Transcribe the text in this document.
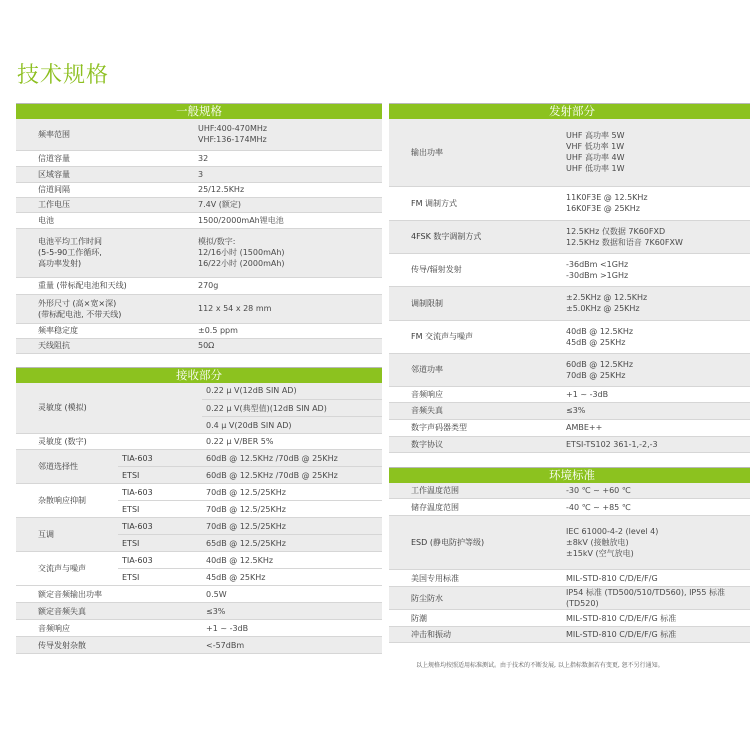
技术规格
一般规格
频率范围	UHF:400-470MHz
VHF:136-174MHz

信道容量	32

区域容量	3

信道间隔	25/12.5KHz

工作电压	7.4V (额定)

电池	1500/2000mAh锂电池

电池平均工作时间
(5-5-90工作循环,
高功率发射)	模拟/数字:
12/16小时 (1500mAh)
16/22小时 (2000mAh)

重量 (带标配电池和天线)	270g

外形尺寸 (高×宽×深)
(带标配电池, 不带天线)	112 x 54 x 28 mm

频率稳定度	±0.5 ppm

天线阻抗	50Ω
接收部分
灵敏度 (模拟)		0.22 μ V(12dB SIN AD)
		0.22 μ V(典型值)(12dB SIN AD)
		0.4 μ V(20dB SIN AD)
灵敏度 (数字)		0.22 μ V/BER 5%
邻道选择性	TIA-603	60dB @ 12.5KHz /70dB @ 25KHz
	ETSI	60dB @ 12.5KHz /70dB @ 25KHz
杂散响应抑制	TIA-603	70dB @ 12.5/25KHz
	ETSI	70dB @ 12.5/25KHz
互调	TIA-603	70dB @ 12.5/25KHz
	ETSI	65dB @ 12.5/25KHz
交流声与噪声	TIA-603	40dB @ 12.5KHz
	ETSI	45dB @ 25KHz
额定音频输出功率		0.5W
额定音频失真		≤3%
音频响应		+1 ~ -3dB
传导发射杂散		<-57dBm
发射部分
输出功率	UHF 高功率 5W
VHF 低功率 1W
UHF 高功率 4W
UHF 低功率 1W

FM 调制方式	11K0F3E @ 12.5KHz
16K0F3E @ 25KHz

4FSK 数字调制方式	12.5KHz 仅数据 7K60FXD
12.5KHz 数据和语音 7K60FXW

传导/辐射发射	-36dBm <1GHz
-30dBm >1GHz

调制限制	±2.5KHz @ 12.5KHz
±5.0KHz @ 25KHz

FM 交流声与噪声	40dB @ 12.5KHz
45dB @ 25KHz

邻道功率	60dB @ 12.5KHz
70dB @ 25KHz

音频响应	+1 ~ -3dB

音频失真	≤3%

数字声码器类型	AMBE++

数字协议	ETSI-TS102 361-1,-2,-3
环境标准
工作温度范围	-30 ℃ ~ +60 ℃

储存温度范围	-40 ℃ ~ +85 ℃

ESD (静电防护等级)	IEC 61000-4-2 (level 4)
±8kV (接触放电)
±15kV (空气放电)

美国专用标准	MIL-STD-810 C/D/E/F/G

防尘防水	IP54 标准 (TD500/510/TD560), IP55 标准 (TD520)

防潮	MIL-STD-810 C/D/E/F/G 标准

冲击和振动	MIL-STD-810 C/D/E/F/G 标准
以上规格均按照适用标准测试。由于技术的不断发展, 以上指标数据若有变更, 恕不另行通知。
